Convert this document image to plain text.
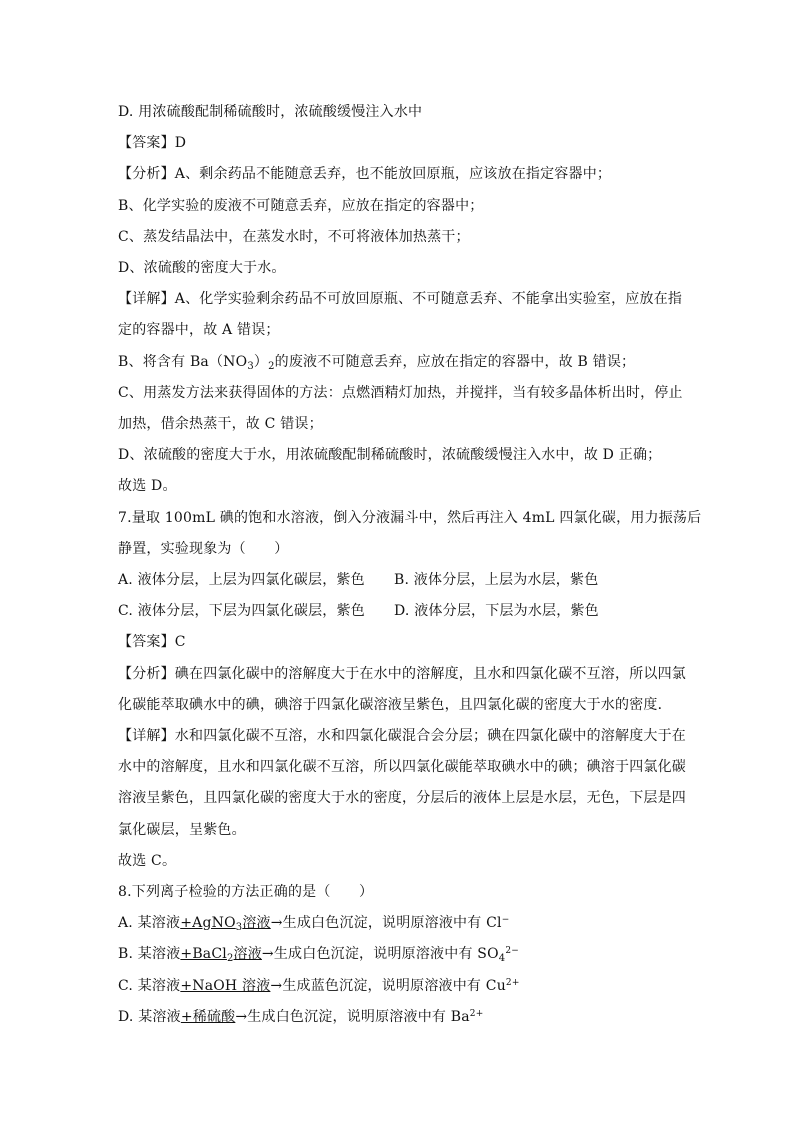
D. 用浓硫酸配制稀硫酸时，浓硫酸缓慢注入水中
【答案】D
【分析】A、剩余药品不能随意丢弃，也不能放回原瓶，应该放在指定容器中；
B、化学实验的废液不可随意丢弃，应放在指定的容器中；
C、蒸发结晶法中，在蒸发水时，不可将液体加热蒸干；
D、浓硫酸的密度大于水。
【详解】A、化学实验剩余药品不可放回原瓶、不可随意丢弃、不能拿出实验室，应放在指
定的容器中，故 A 错误；
B、将含有 $Ba(NO_3)_2$的废液不可随意丢弃，应放在指定的容器中，故 B 错误；
C、用蒸发方法来获得固体的方法：点燃酒精灯加热，并搅拌，当有较多晶体析出时，停止
加热，借余热蒸干，故 C 错误；
D、浓硫酸的密度大于水，用浓硫酸配制稀硫酸时，浓硫酸缓慢注入水中，故 D 正确；
故选 D。
7.量取 100mL 碘的饱和水溶液，倒入分液漏斗中，然后再注入 4mL 四氯化碳，用力振荡后
静置，实验现象为（　　）
A. 液体分层，上层为四氯化碳层，紫色 B. 液体分层，上层为水层，紫色
C. 液体分层，下层为四氯化碳层，紫色 D. 液体分层，下层为水层，紫色
【答案】C
【分析】碘在四氯化碳中的溶解度大于在水中的溶解度，且水和四氯化碳不互溶，所以四氯
化碳能萃取碘水中的碘，碘溶于四氯化碳溶液呈紫色，且四氯化碳的密度大于水的密度．
【详解】水和四氯化碳不互溶，水和四氯化碳混合会分层；碘在四氯化碳中的溶解度大于在
水中的溶解度，且水和四氯化碳不互溶，所以四氯化碳能萃取碘水中的碘；碘溶于四氯化碳
溶液呈紫色，且四氯化碳的密度大于水的密度，分层后的液体上层是水层，无色，下层是四
氯化碳层，呈紫色。
故选 C。
8.下列离子检验的方法正确的是（　　）
A. 某溶液+AgNO$_3$溶液→生成白色沉淀，说明原溶液中有 Cl−
B. 某溶液+BaCl$_2$溶液→生成白色沉淀，说明原溶液中有 $SO_4^{2-}$
C. 某溶液+NaOH 溶液→生成蓝色沉淀，说明原溶液中有 $Cu^{2+}$
D. 某溶液+稀硫酸→生成白色沉淀，说明原溶液中有 $Ba^{2+}$
